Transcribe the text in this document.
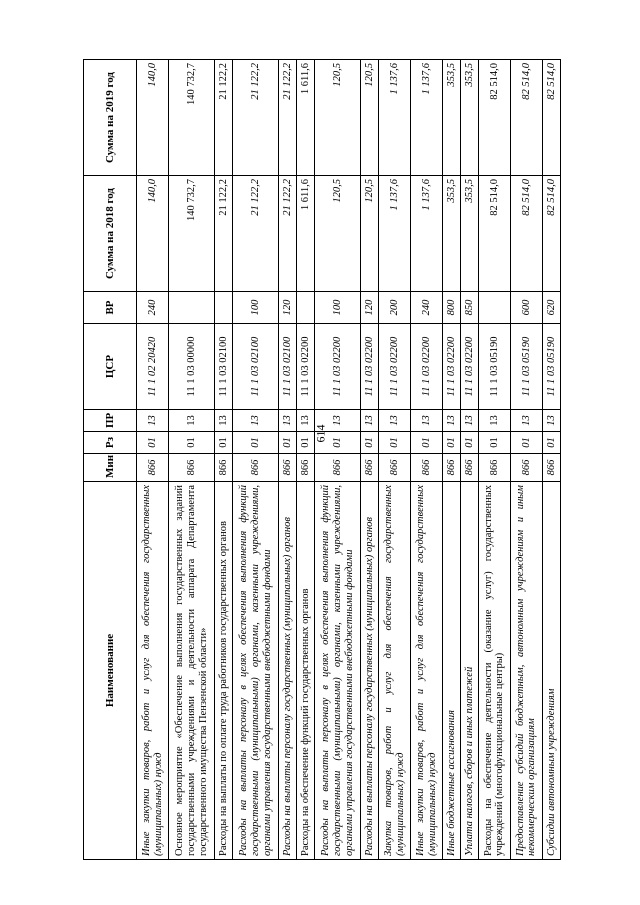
614
Наименование	Мин	Рз	ПР	ЦСР	ВР	Сумма на 2018 год	Сумма на 2019 год
Иные закупки товаров, работ и услуг для обеспечения государственных (муниципальных) нужд	866	01	13	11 1 02 20420	240	140,0	140,0
Основное мероприятие «Обеспечение выполнения государственных заданий государственными учреждениями и деятельности аппарата Департамента государственного имущества Пензенской области»	866	01	13	11 1 03 00000		140 732,7	140 732,7
Расходы на выплаты по оплате труда работников государственных органов	866	01	13	11 1 03 02100		21 122,2	21 122,2
Расходы на выплаты персоналу в целях обеспечения выполнения функций государственными (муниципальными) органами, казенными учреждениями, органами управления государственными внебюджетными фондами	866	01	13	11 1 03 02100	100	21 122,2	21 122,2
Расходы на выплаты персоналу государственных (муниципальных) органов	866	01	13	11 1 03 02100	120	21 122,2	21 122,2
Расходы на обеспечение функций государственных органов	866	01	13	11 1 03 02200		1 611,6	1 611,6
Расходы на выплаты персоналу в целях обеспечения выполнения функций государственными (муниципальными) органами, казенными учреждениями, органами управления государственными внебюджетными фондами	866	01	13	11 1 03 02200	100	120,5	120,5
Расходы на выплаты персоналу государственных (муниципальных) органов	866	01	13	11 1 03 02200	120	120,5	120,5
Закупка товаров, работ и услуг для обеспечения государственных (муниципальных) нужд	866	01	13	11 1 03 02200	200	1 137,6	1 137,6
Иные закупки товаров, работ и услуг для обеспечения государственных (муниципальных) нужд	866	01	13	11 1 03 02200	240	1 137,6	1 137,6
Иные бюджетные ассигнования	866	01	13	11 1 03 02200	800	353,5	353,5
Уплата налогов, сборов и иных платежей	866	01	13	11 1 03 02200	850	353,5	353,5
Расходы на обеспечение деятельности (оказание услуг) государственных учреждений (многофункциональные центры)	866	01	13	11 1 03 05190		82 514,0	82 514,0
Предоставление субсидий бюджетным, автономным учреждениям и иным некоммерческим организациям	866	01	13	11 1 03 05190	600	82 514,0	82 514,0
Субсидии автономным учреждениям	866	01	13	11 1 03 05190	620	82 514,0	82 514,0
